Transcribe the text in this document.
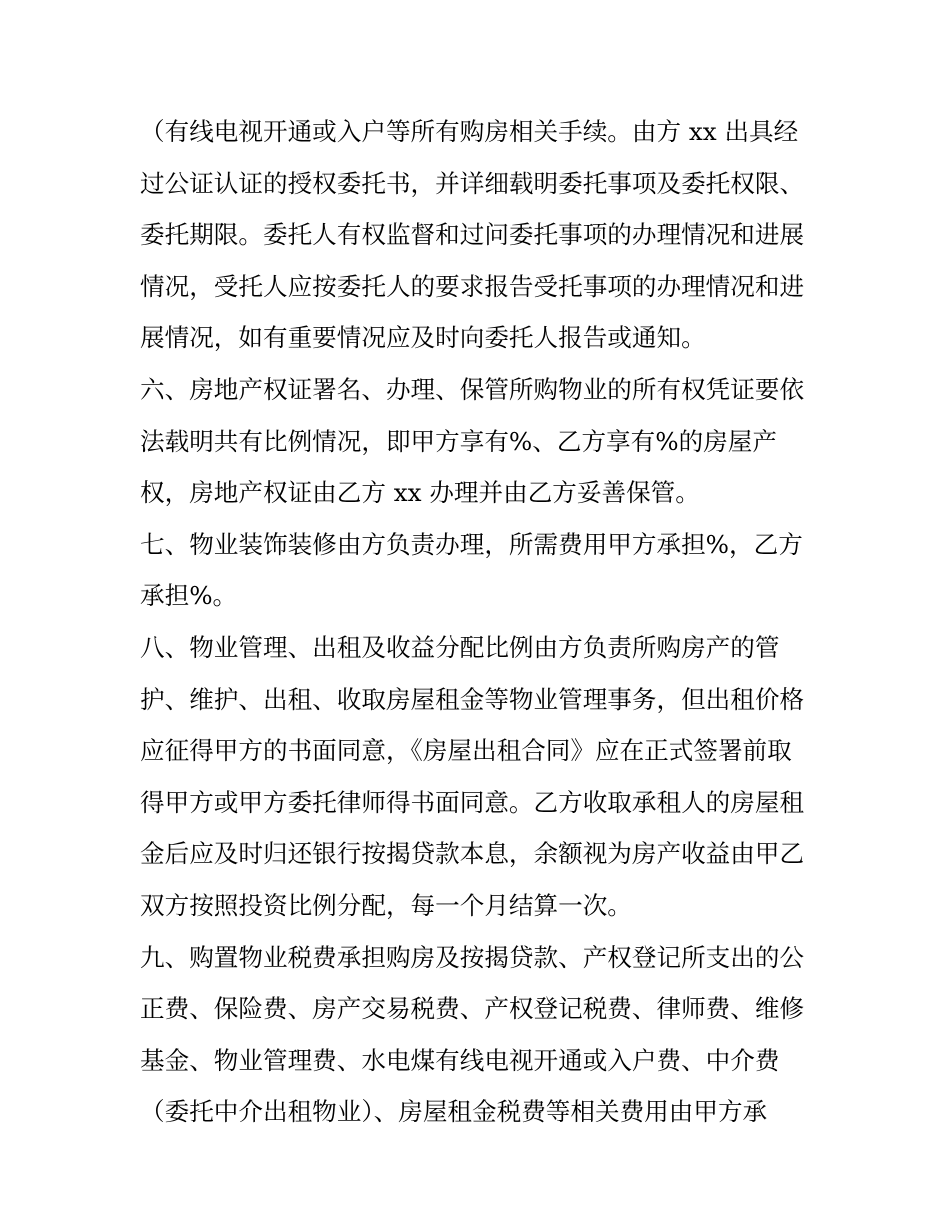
（有线电视开通或入户等所有购房相关手续。由方 xx 出具经
过公证认证的授权委托书，并详细载明委托事项及委托权限、
委托期限。委托人有权监督和过问委托事项的办理情况和进展
情况，受托人应按委托人的要求报告受托事项的办理情况和进
展情况，如有重要情况应及时向委托人报告或通知。
六、房地产权证署名、办理、保管所购物业的所有权凭证要依
法载明共有比例情况，即甲方享有%、乙方享有%的房屋产
权，房地产权证由乙方 xx 办理并由乙方妥善保管。
七、物业装饰装修由方负责办理，所需费用甲方承担%，乙方
承担%。
八、物业管理、出租及收益分配比例由方负责所购房产的管
护、维护、出租、收取房屋租金等物业管理事务，但出租价格
应征得甲方的书面同意，《房屋出租合同》应在正式签署前取
得甲方或甲方委托律师得书面同意。乙方收取承租人的房屋租
金后应及时归还银行按揭贷款本息，余额视为房产收益由甲乙
双方按照投资比例分配，每一个月结算一次。
九、购置物业税费承担购房及按揭贷款、产权登记所支出的公
正费、保险费、房产交易税费、产权登记税费、律师费、维修
基金、物业管理费、水电煤有线电视开通或入户费、中介费
（委托中介出租物业）、房屋租金税费等相关费用由甲方承
